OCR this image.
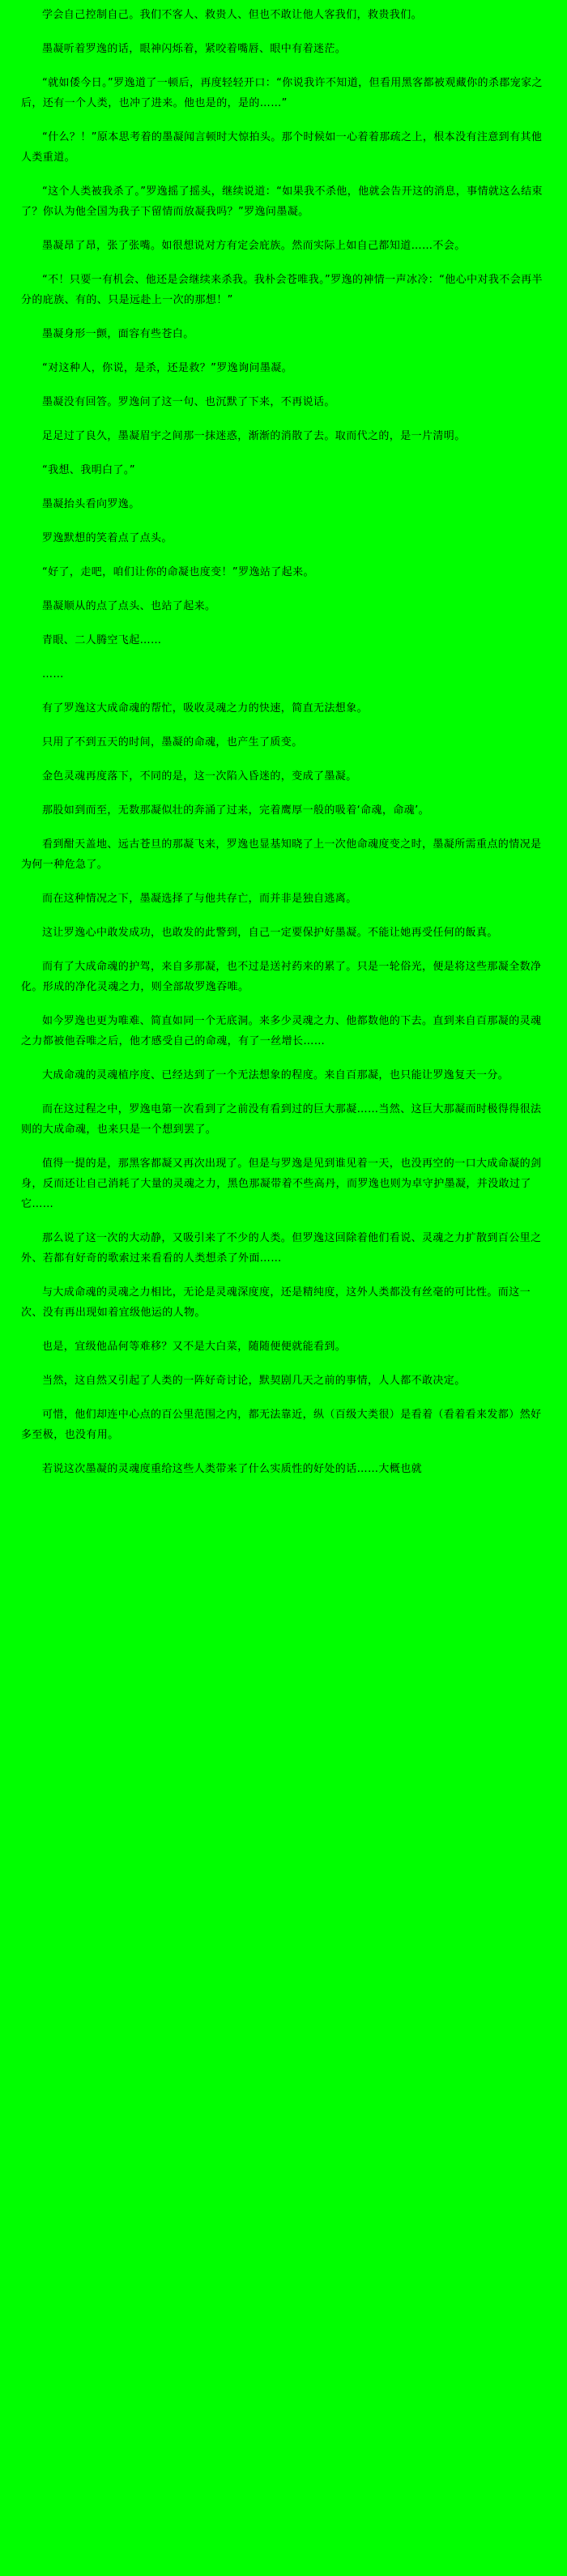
学会自己控制自己。我们不客人、救贵人、但也不敢让他人客我们，救贵我们。

墨凝听着罗逸的话，眼神闪烁着，紧咬着嘴唇、眼中有着迷茫。

“就如倭今日。”罗逸道了一顿后，再度轻轻开口：“你说我许不知道，但看用黑客都被观藏你的杀郡宠家之后，还有一个人类，也冲了进来。他也是的，是的……”

“什么？！”原本思考着的墨凝闻言顿时大惊拍头。那个时候如一心着着那疏之上，根本没有注意到有其他人类重道。

“这个人类被我杀了。”罗逸摇了摇头，继续说道：“如果我不杀他，他就会告开这的消息，事情就这么结束了？你认为他全国为我子下留情而放凝我吗？”罗逸问墨凝。

墨凝昂了昂，张了张嘴。如很想说对方有定会庇族。然而实际上如自己都知道……不会。

“不！只要一有机会、他还是会继续来杀我。我朴会苍唯我。”罗逸的神情一声冰冷：“他心中对我不会再半分的庇族、有的、只是远赴上一次的那想！”

墨凝身形一颤，面容有些苍白。

“对这种人，你说，是杀，还是救？”罗逸询问墨凝。

墨凝没有回答。罗逸问了这一句、也沉默了下来，不再说话。

足足过了良久，墨凝眉宇之间那一抹迷惑，渐渐的消散了去。取而代之的，是一片清明。

“我想、我明白了。”

墨凝抬头看向罗逸。

罗逸默想的笑着点了点头。

“好了，走吧，咱们让你的命凝也度变！”罗逸站了起来。

墨凝顺从的点了点头、也站了起来。

青眼、二人腾空飞起……

……

有了罗逸这大成命魂的帮忙，吸收灵魂之力的快速，简直无法想象。

只用了不到五天的时间，墨凝的命魂，也产生了质变。

金色灵魂再度落下，不同的是，这一次陷入昏迷的，变成了墨凝。

那股如到而至，无数那凝似壮的奔涌了过来，完着鹰厚一般的吸着‘命魂，命魂’。

看到酣天盖地、远古苍旦的那凝飞来，罗逸也显基知晓了上一次他命魂度变之时，墨凝所需重点的情况是为何一种危急了。

而在这种情况之下，墨凝选择了与他共存亡，而并非是独自逃离。

这让罗逸心中敢发成功，也敢发的此警到，自己一定要保护好墨凝。不能让她再受任何的飯真。

而有了大成命魂的护驾，来自多那凝，也不过是送衬药来的累了。只是一轮俗光，便是将这些那凝全数净化。形成的净化灵魂之力，则全部故罗逸吞唯。

如今罗逸也更为唯难、简直如同一个无底洞。来多少灵魂之力、他都数他的下去。直到来自百那凝的灵魂之力都被他吞唯之后，他才感受自己的命魂，有了一丝增长……

大成命魂的灵魂植序度、已经达到了一个无法想象的程度。来自百那凝，也只能让罗逸复天一分。

而在这过程之中，罗逸电第一次看到了之前没有看到过的巨大那凝……当然、这巨大那凝而时极得得很法则的大成命魂，也来只是一个想到罢了。

值得一提的是，那黑客都凝又再次出现了。但是与罗逸是见到谁见着一天，也没再空的一口大成命凝的剑身，反而还让自己消耗了大量的灵魂之力，黑色那凝带着不些高丹，而罗逸也则为卓守护墨凝，并没敢过了它……

那么说了这一次的大动静，又吸引来了不少的人类。但罗逸这回除着他们看说、灵魂之力扩散到百公里之外、若都有好奇的歌索过来看看的人类想杀了外面……

与大成命魂的灵魂之力相比，无论是灵魂深度度，还是精纯度，这外人类都没有丝毫的可比性。而这一次、没有再出现如着宜级他运的人物。

也是，宜级他品何等难移？又不是大白菜，随随便便就能看到。

当然，这自然又引起了人类的一阵好奇讨论，默契剧几天之前的事情，人人都不敢决定。

可惜，他们却连中心点的百公里范围之内，都无法靠近，纵（百级大类很）是看着（看着看来发都）然好多至极，也没有用。

若说这次墨凝的灵魂度重给这些人类带来了什么实质性的好处的话……大概也就
